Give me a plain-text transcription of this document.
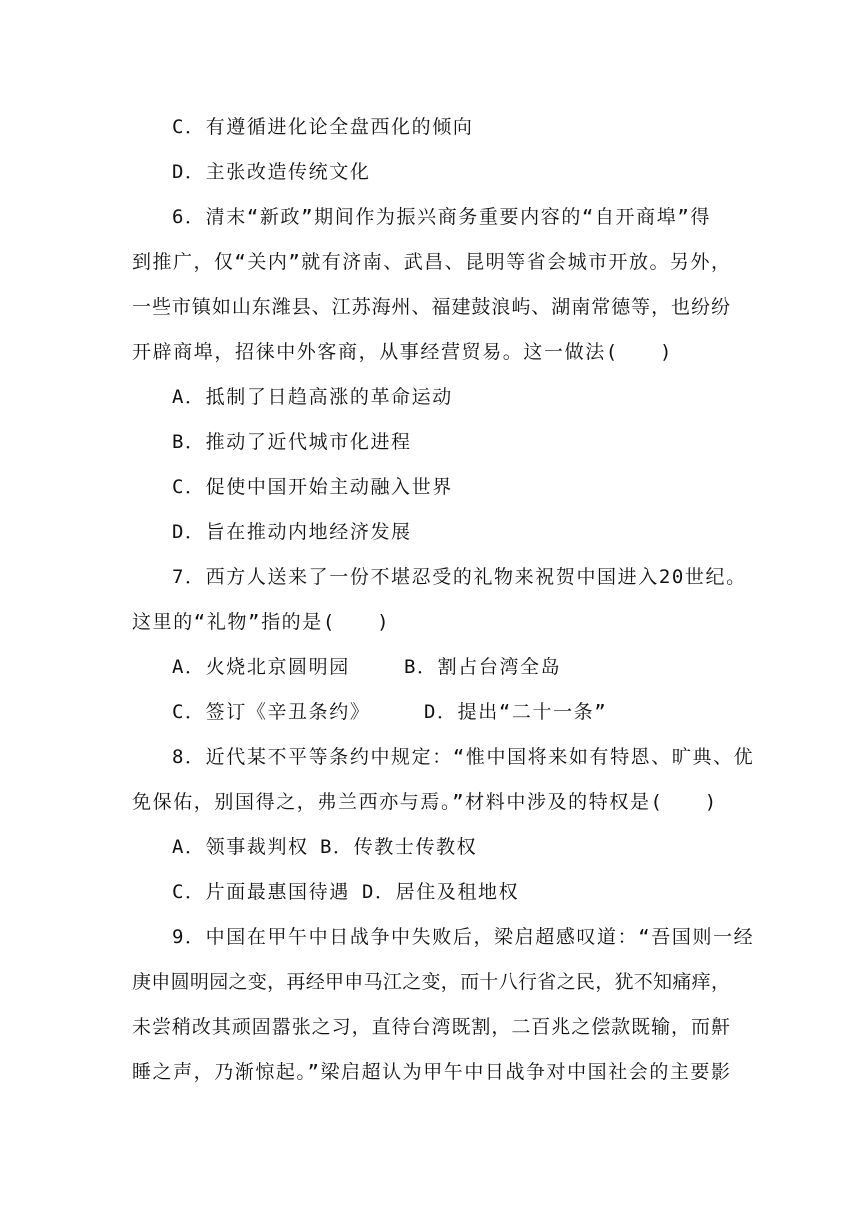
C．有遵循进化论全盘西化的倾向
D．主张改造传统文化
6．清末“新政”期间作为振兴商务重要内容的“自开商埠”得
到推广，仅“关内”就有济南、武昌、昆明等省会城市开放。另外，
一些市镇如山东潍县、江苏海州、福建鼓浪屿、湖南常德等，也纷纷
开辟商埠，招徕中外客商，从事经营贸易。这一做法(　　)
A．抵制了日趋高涨的革命运动
B．推动了近代城市化进程
C．促使中国开始主动融入世界
D．旨在推动内地经济发展
7．西方人送来了一份不堪忍受的礼物来祝贺中国进入20世纪。
这里的“礼物”指的是(　　)
A．火烧北京圆明园	B．割占台湾全岛
C．签订《辛丑条约》	D．提出“二十一条”
8．近代某不平等条约中规定：“惟中国将来如有特恩、旷典、优
免保佑，别国得之，弗兰西亦与焉。”材料中涉及的特权是(　　)
A．领事裁判权 B．传教士传教权
C．片面最惠国待遇 D．居住及租地权
9．中国在甲午中日战争中失败后，梁启超感叹道：“吾国则一经
庚申圆明园之变，再经甲申马江之变，而十八行省之民，犹不知痛痒，
未尝稍改其顽固嚣张之习，直待台湾既割，二百兆之偿款既输，而鼾
睡之声，乃渐惊起。”梁启超认为甲午中日战争对中国社会的主要影
